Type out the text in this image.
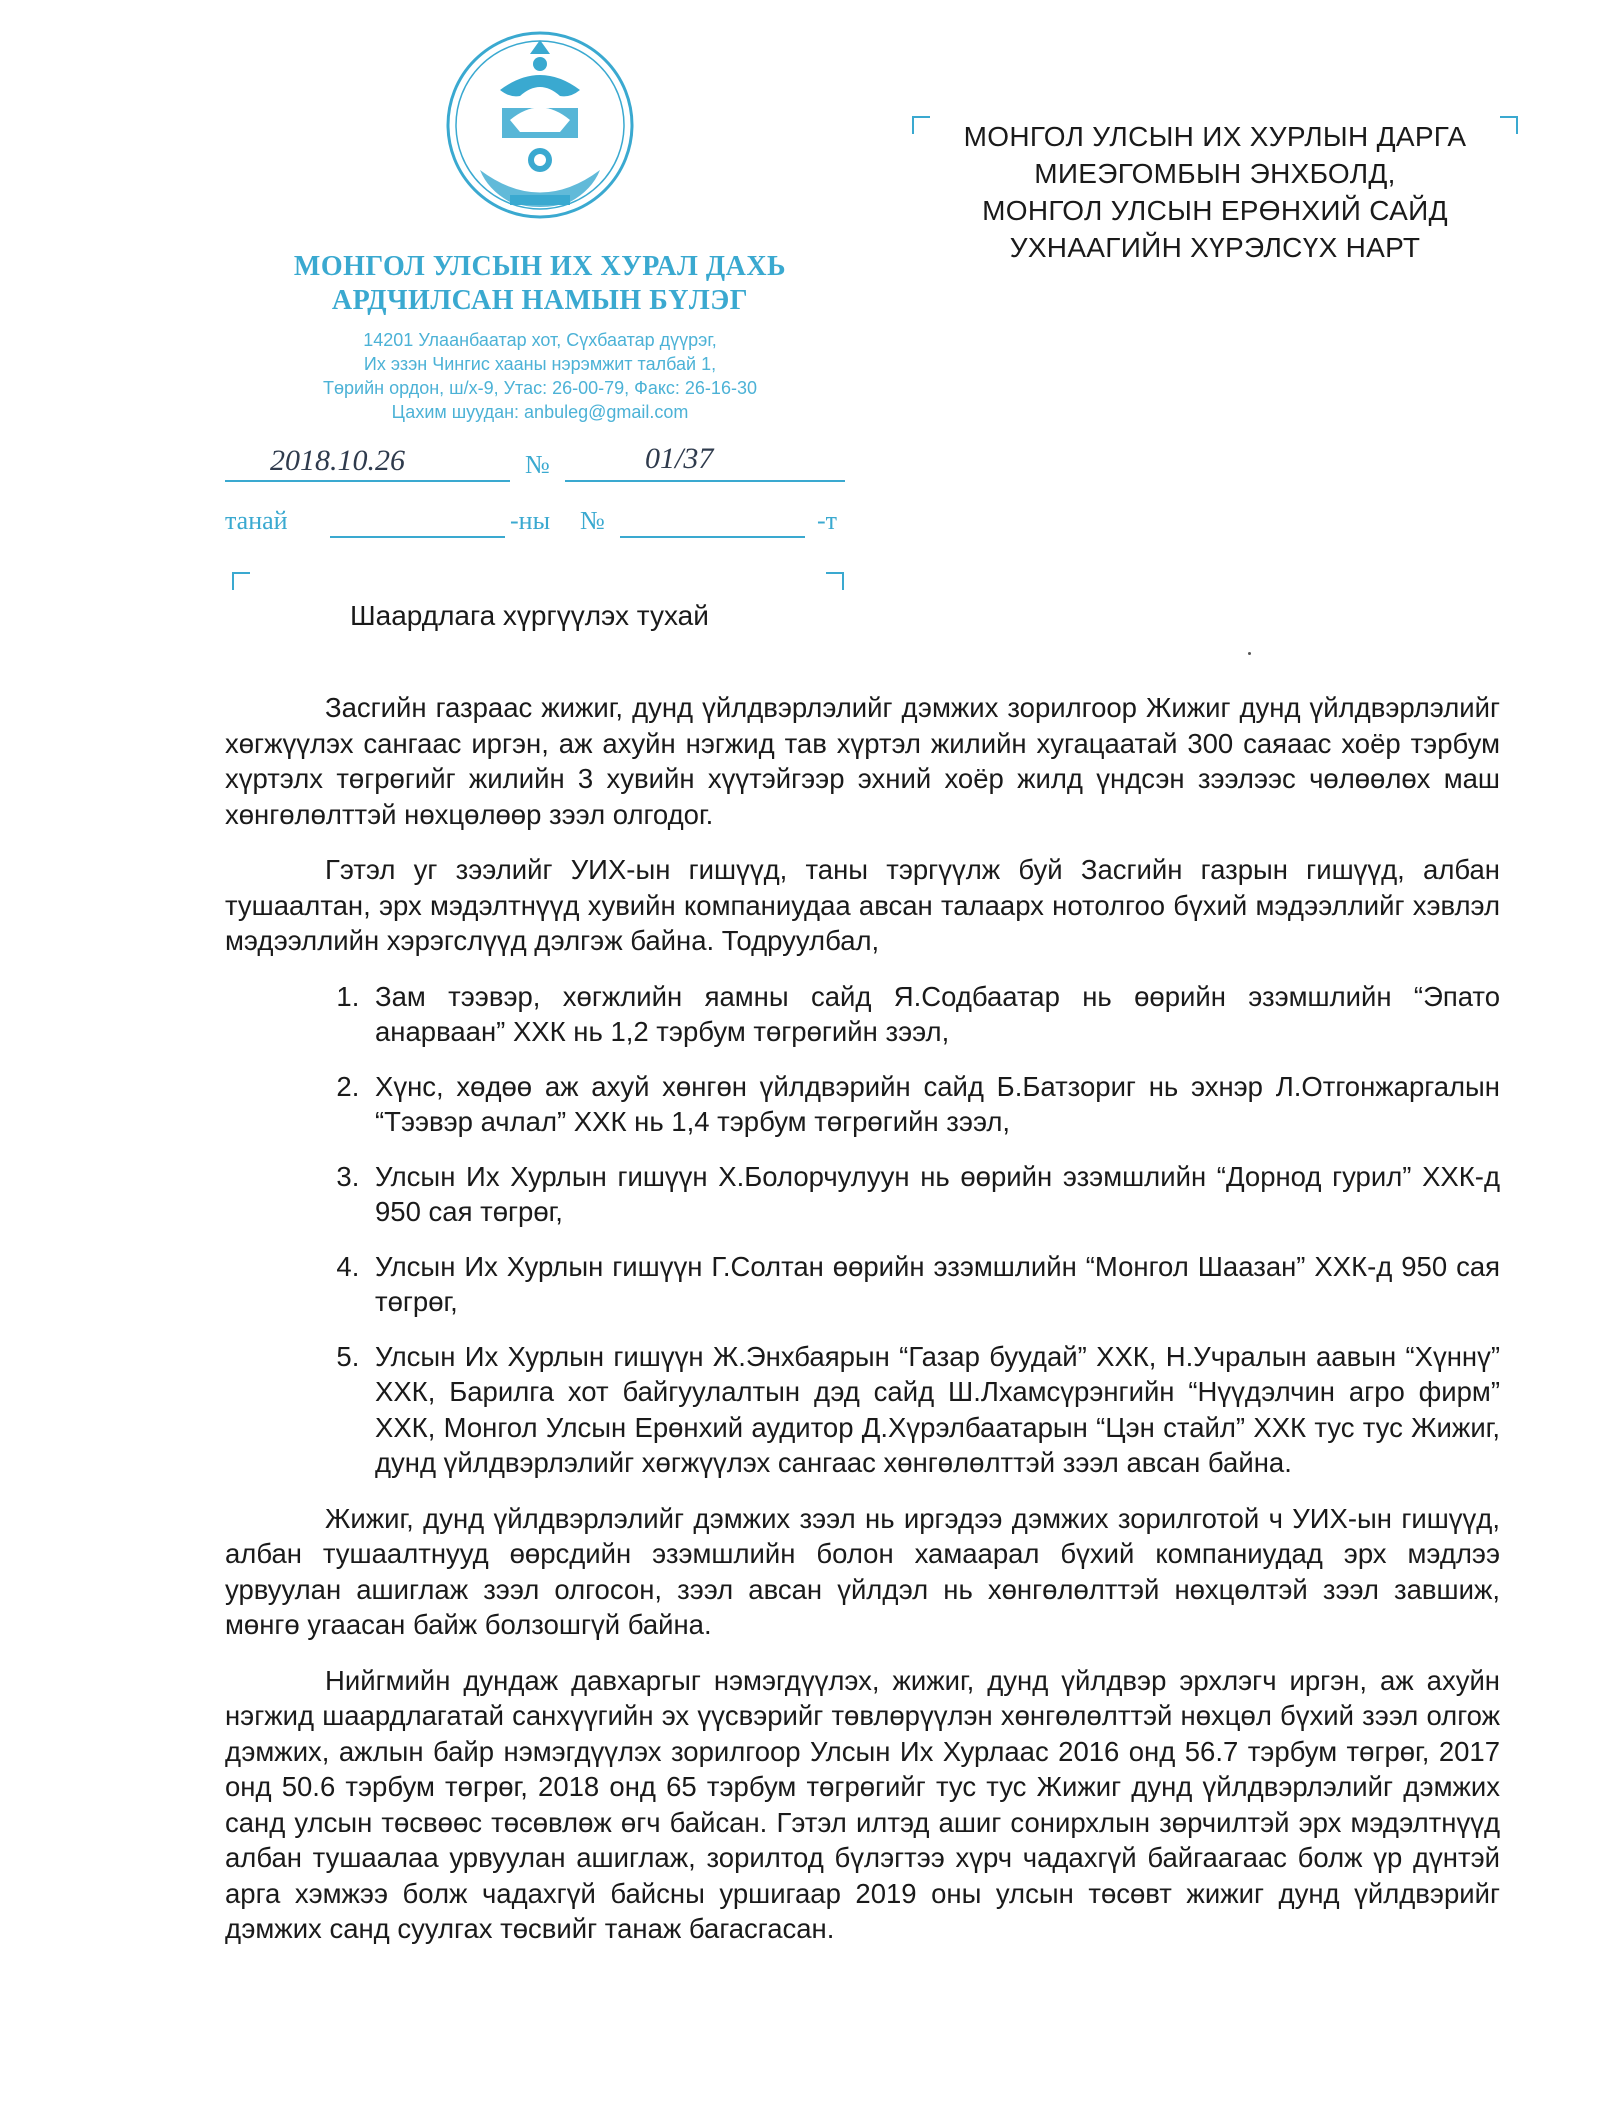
МОНГОЛ УЛСЫН ИХ ХУРАЛ ДАХЬ
АРДЧИЛСАН НАМЫН БҮЛЭГ
14201 Улаанбаатар хот, Сүхбаатар дүүрэг,
Их эзэн Чингис хааны нэрэмжит талбай 1,
Төрийн ордон, ш/х-9, Утас: 26-00-79, Факс: 26-16-30
Цахим шуудан: anbuleg@gmail.com
2018.10.26	№	01/37
танай	-ны №	-т
МОНГОЛ УЛСЫН ИХ ХУРЛЫН ДАРГА
МИЕЭГОМБЫН ЭНХБОЛД,
МОНГОЛ УЛСЫН ЕРӨНХИЙ САЙД
УХНААГИЙН ХҮРЭЛСҮХ НАРТ
Шаардлага хүргүүлэх тухай

Засгийн газраас жижиг, дунд үйлдвэрлэлийг дэмжих зорилгоор Жижиг дунд үйлдвэрлэлийг хөгжүүлэх сангаас иргэн, аж ахуйн нэгжид тав хүртэл жилийн хугацаатай 300 саяаас хоёр тэрбум хүртэлх төгрөгийг жилийн 3 хувийн хүүтэйгээр эхний хоёр жилд үндсэн зээлээс чөлөөлөх маш хөнгөлөлттэй нөхцөлөөр зээл олгодог.

Гэтэл уг зээлийг УИХ-ын гишүүд, таны тэргүүлж буй Засгийн газрын гишүүд, албан тушаалтан, эрх мэдэлтнүүд хувийн компаниудаа авсан талаарх нотолгоо бүхий мэдээллийг хэвлэл мэдээллийн хэрэгслүүд дэлгэж байна. Тодруулбал,

1. Зам тээвэр, хөгжлийн яамны сайд Я.Содбаатар нь өөрийн эзэмшлийн “Эпато анарваан” ХХК нь 1,2 тэрбум төгрөгийн зээл,
2. Хүнс, хөдөө аж ахуй хөнгөн үйлдвэрийн сайд Б.Батзориг нь эхнэр Л.Отгонжаргалын “Тээвэр ачлал” ХХК нь 1,4 тэрбум төгрөгийн зээл,
3. Улсын Их Хурлын гишүүн Х.Болорчулуун нь өөрийн эзэмшлийн “Дорнод гурил” ХХК-д 950 сая төгрөг,
4. Улсын Их Хурлын гишүүн Г.Солтан өөрийн эзэмшлийн “Монгол Шаазан” ХХК-д 950 сая төгрөг,
5. Улсын Их Хурлын гишүүн Ж.Энхбаярын “Газар буудай” ХХК, Н.Учралын аавын “Хүннү” ХХК, Барилга хот байгуулалтын дэд сайд Ш.Лхамсүрэнгийн “Нүүдэлчин агро фирм” ХХК, Монгол Улсын Ерөнхий аудитор Д.Хүрэлбаатарын “Цэн стайл” ХХК тус тус Жижиг, дунд үйлдвэрлэлийг хөгжүүлэх сангаас хөнгөлөлттэй зээл авсан байна.

Жижиг, дунд үйлдвэрлэлийг дэмжих зээл нь иргэдээ дэмжих зорилготой ч УИХ-ын гишүүд, албан тушаалтнууд өөрсдийн эзэмшлийн болон хамаарал бүхий компаниудад эрх мэдлээ урвуулан ашиглаж зээл олгосон, зээл авсан үйлдэл нь хөнгөлөлттэй нөхцөлтэй зээл завшиж, мөнгө угаасан байж болзошгүй байна.

Нийгмийн дундаж давхаргыг нэмэгдүүлэх, жижиг, дунд үйлдвэр эрхлэгч иргэн, аж ахуйн нэгжид шаардлагатай санхүүгийн эх үүсвэрийг төвлөрүүлэн хөнгөлөлттэй нөхцөл бүхий зээл олгож дэмжих, ажлын байр нэмэгдүүлэх зорилгоор Улсын Их Хурлаас 2016 онд 56.7 тэрбум төгрөг, 2017 онд 50.6 тэрбум төгрөг, 2018 онд 65 тэрбум төгрөгийг тус тус Жижиг дунд үйлдвэрлэлийг дэмжих санд улсын төсвөөс төсөвлөж өгч байсан. Гэтэл илтэд ашиг сонирхлын зөрчилтэй эрх мэдэлтнүүд албан тушаалаа урвуулан ашиглаж, зорилтод бүлэгтээ хүрч чадахгүй байгаагаас болж үр дүнтэй арга хэмжээ болж чадахгүй байсны уршигаар 2019 оны улсын төсөвт жижиг дунд үйлдвэрийг дэмжих санд суулгах төсвийг танаж багасгасан.
